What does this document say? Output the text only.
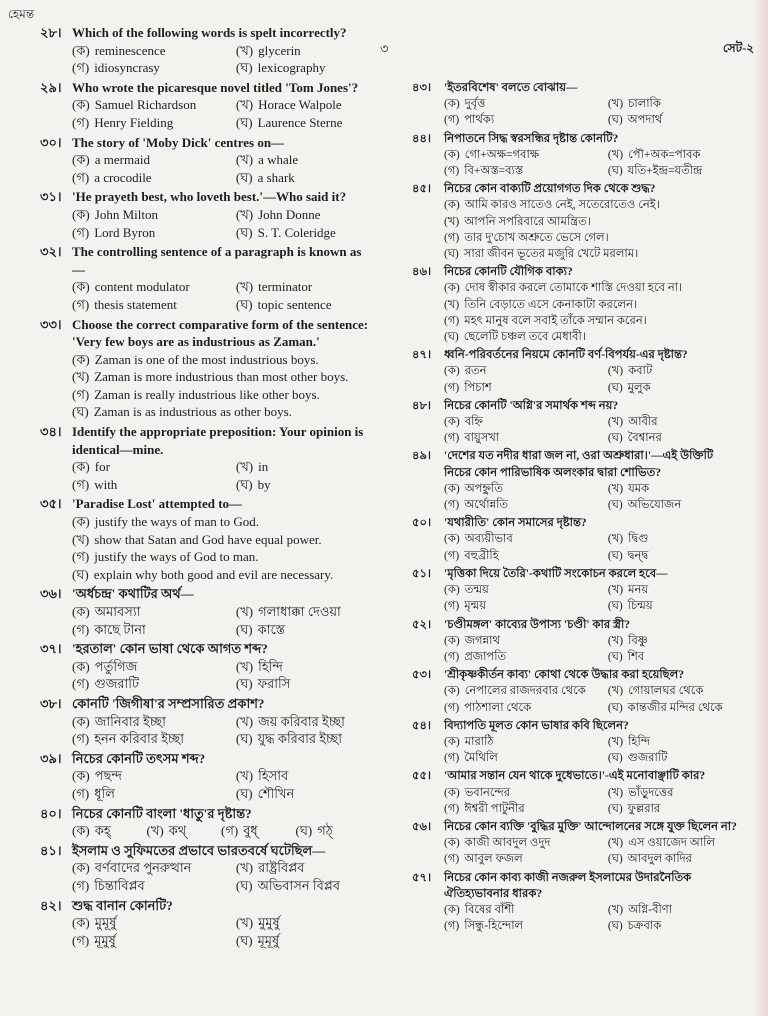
হেমন্ত
৩	সেট-২
২৮। Which of the following words is spelt incorrectly?
(ক) reminescence	(খ) glycerin
(গ) idiosyncrasy	(ঘ) lexicography
২৯। Who wrote the picaresque novel titled 'Tom Jones'?
(ক) Samuel Richardson	(খ) Horace Walpole
(গ) Henry Fielding	(ঘ) Laurence Sterne
৩০। The story of 'Moby Dick' centres on—
(ক) a mermaid	(খ) a whale
(গ) a crocodile	(ঘ) a shark
৩১। 'He prayeth best, who loveth best.'—Who said it?
(ক) John Milton	(খ) John Donne
(গ) Lord Byron	(ঘ) S. T. Coleridge
৩২। The controlling sentence of a paragraph is known as—
(ক) content modulator	(খ) terminator
(গ) thesis statement	(ঘ) topic sentence
৩৩। Choose the correct comparative form of the sentence: 'Very few boys are as industrious as Zaman.'
(ক) Zaman is one of the most industrious boys.
(খ) Zaman is more industrious than most other boys.
(গ) Zaman is really industrious like other boys.
(ঘ) Zaman is as industrious as other boys.
৩৪। Identify the appropriate preposition: Your opinion is identical—mine.
(ক) for	(খ) in
(গ) with	(ঘ) by
৩৫। 'Paradise Lost' attempted to—
(ক) justify the ways of man to God.
(খ) show that Satan and God have equal power.
(গ) justify the ways of God to man.
(ঘ) explain why both good and evil are necessary.
৩৬। 'অর্ধচন্দ্র' কথাটির অর্থ—
(ক) অমাবস্যা	(খ) গলাধাক্কা দেওয়া
(গ) কাছে টানা	(ঘ) কাস্তে
৩৭। 'হরতাল' কোন ভাষা থেকে আগত শব্দ?
(ক) পর্তুগিজ	(খ) হিন্দি
(গ) গুজরাটি	(ঘ) ফরাসি
৩৮। কোনটি 'জিগীষা'র সম্প্রসারিত প্রকাশ?
(ক) জানিবার ইচ্ছা	(খ) জয় করিবার ইচ্ছা
(গ) হনন করিবার ইচ্ছা	(ঘ) যুদ্ধ করিবার ইচ্ছা
৩৯। নিচের কোনটি তৎসম শব্দ?
(ক) পছন্দ	(খ) হিসাব
(গ) ধূলি	(ঘ) শৌখিন
৪০। নিচের কোনটি বাংলা 'ধাতু'র দৃষ্টান্ত?
(ক) কহ্	(খ) কথ্	(গ) বুধ্	(ঘ) গঠ্
৪১। ইসলাম ও সুফিমতের প্রভাবে ভারতবর্ষে ঘটেছিল—
(ক) বর্ণবাদের পুনরুত্থান	(খ) রাষ্ট্রবিপ্লব
(গ) চিন্তাবিপ্লব	(ঘ) অভিবাসন বিপ্লব
৪২। শুদ্ধ বানান কোনটি?
(ক) মুমূর্ষু	(খ) মুমুর্ষু
(গ) মূমুর্ষু	(ঘ) মূমূর্ষু
৪৩। 'ইতরবিশেষ' বলতে বোঝায়—
(ক) দুর্বৃত্ত	(খ) চালাকি
(গ) পার্থক্য	(ঘ) অপদার্থ
৪৪। নিপাতনে সিদ্ধ স্বরসন্ধির দৃষ্টান্ত কোনটি?
(ক) গো+অক্ষ=গবাক্ষ	(খ) পৌ+অক=পাবক
(গ) বি+অস্ত=ব্যস্ত	(ঘ) যতি+ইন্দ্র=যতীন্দ্র
৪৫। নিচের কোন বাক্যটি প্রয়োগগত দিক থেকে শুদ্ধ?
(ক) আমি কারও সাতেও নেই, সতেরোতেও নেই।
(খ) আপনি সপরিবারে আমন্ত্রিত।
(গ) তার দু'চোখ অশ্রুতে ভেসে গেল।
(ঘ) সারা জীবন ভূতের মজুরি খেটে মরলাম।
৪৬। নিচের কোনটি যৌগিক বাক্য?
(ক) দোষ স্বীকার করলে তোমাকে শাস্তি দেওয়া হবে না।
(খ) তিনি বেড়াতে এসে কেনাকাটা করলেন।
(গ) মহৎ মানুষ বলে সবাই তাঁকে সম্মান করেন।
(ঘ) ছেলেটি চঞ্চল তবে মেধাবী।
৪৭। ধ্বনি-পরিবর্তনের নিয়মে কোনটি বর্ণ-বিপর্যয়-এর দৃষ্টান্ত?
(ক) রতন	(খ) কবাট
(গ) পিচাশ	(ঘ) মুলুক
৪৮। নিচের কোনটি 'অগ্নি'র সমার্থক শব্দ নয়?
(ক) বহ্নি	(খ) আবীর
(গ) বায়ুসখা	(ঘ) বৈশ্বানর
৪৯। 'দেশের যত নদীর ধারা জল না, ওরা অশ্রুধারা।'—এই উক্তিটি নিচের কোন পারিভাষিক অলংকার দ্বারা শোভিত?
(ক) অপহ্নুতি	(খ) যমক
(গ) অর্থোন্নতি	(ঘ) অভিযোজন
৫০। 'যথারীতি' কোন সমাসের দৃষ্টান্ত?
(ক) অব্যয়ীভাব	(খ) দ্বিগু
(গ) বহুব্রীহি	(ঘ) দ্বন্দ্ব
৫১। 'মৃত্তিকা দিয়ে তৈরি'-কথাটি সংকোচন করলে হবে—
(ক) তন্ময়	(খ) মনয়
(গ) মৃন্ময়	(ঘ) চিন্ময়
৫২। 'চণ্ডীমঙ্গল' কাব্যের উপাস্য 'চণ্ডী' কার স্ত্রী?
(ক) জগন্নাথ	(খ) বিষ্ণু
(গ) প্রজাপতি	(ঘ) শিব
৫৩। 'শ্রীকৃষ্ণকীর্তন কাব্য' কোথা থেকে উদ্ধার করা হয়েছিল?
(ক) নেপালের রাজদরবার থেকে	(খ) গোয়ালঘর থেকে
(গ) পাঠশালা থেকে	(ঘ) কান্তজীর মন্দির থেকে
৫৪। বিদ্যাপতি মূলত কোন ভাষার কবি ছিলেন?
(ক) মারাঠি	(খ) হিন্দি
(গ) মৈথিলি	(ঘ) গুজরাটি
৫৫। 'আমার সন্তান যেন থাকে দুধেভাতে।'-এই মনোবাঞ্ছাটি কার?
(ক) ভবানন্দের	(খ) ভাঁড়ুদত্তের
(গ) ঈশ্বরী পাটুনীর	(ঘ) ফুল্লরার
৫৬। নিচের কোন ব্যক্তি 'বুদ্ধির মুক্তি' আন্দোলনের সঙ্গে যুক্ত ছিলেন না?
(ক) কাজী আবদুল ওদুদ	(খ) এস ওয়াজেদ আলি
(গ) আবুল ফজল	(ঘ) আবদুল কাদির
৫৭। নিচের কোন কাব্য কাজী নজরুল ইসলামের উদারনৈতিক ঐতিহ্যভাবনার ধারক?
(ক) বিষের বাঁশী	(খ) অগ্নি-বীণা
(গ) সিন্ধু-হিন্দোল	(ঘ) চক্রবাক
